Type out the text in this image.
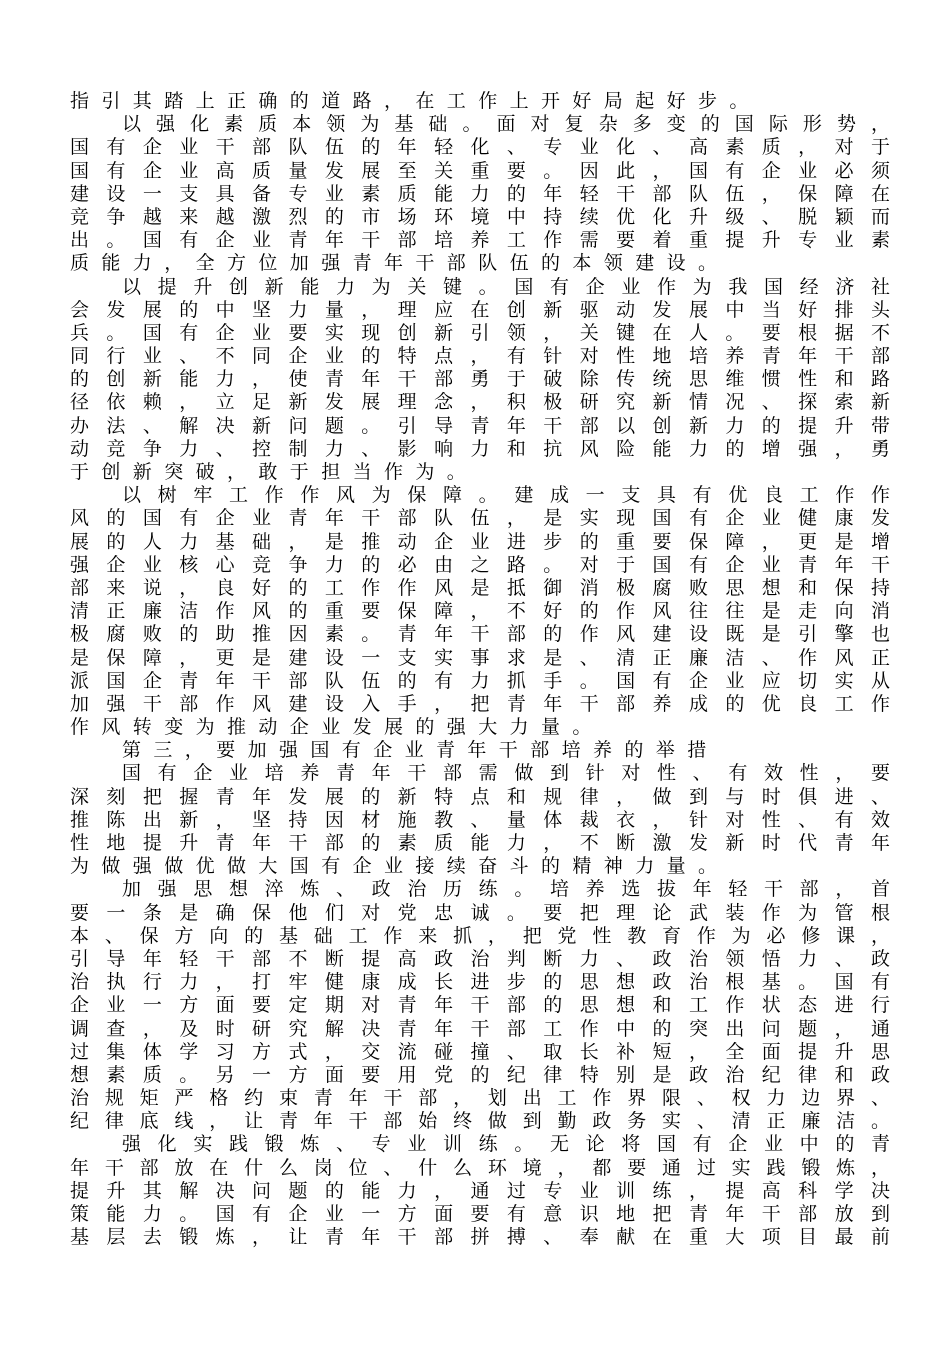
指引其踏上正确的道路，在工作上开好局起好步。
以强化素质本领为基础。面对复杂多变的国际形势，
国有企业干部队伍的年轻化、专业化、高素质，对于
国有企业高质量发展至关重要。因此，国有企业必须
建设一支具备专业素质能力的年轻干部队伍，保障在
竞争越来越激烈的市场环境中持续优化升级、脱颖而
出。国有企业青年干部培养工作需要着重提升专业素
质能力，全方位加强青年干部队伍的本领建设。
以提升创新能力为关键。国有企业作为我国经济社
会发展的中坚力量，理应在创新驱动发展中当好排头
兵。国有企业要实现创新引领，关键在人。要根据不
同行业、不同企业的特点，有针对性地培养青年干部
的创新能力，使青年干部勇于破除传统思维惯性和路
径依赖，立足新发展理念，积极研究新情况、探索新
办法、解决新问题。引导青年干部以创新力的提升带
动竞争力、控制力、影响力和抗风险能力的增强，勇
于创新突破，敢于担当作为。
以树牢工作作风为保障。建成一支具有优良工作作
风的国有企业青年干部队伍，是实现国有企业健康发
展的人力基础，是推动企业进步的重要保障，更是增
强企业核心竞争力的必由之路。对于国有企业青年干
部来说，良好的工作作风是抵御消极腐败思想和保持
清正廉洁作风的重要保障，不好的作风往往是走向消
极腐败的助推因素。青年干部的作风建设既是引擎也
是保障，更是建设一支实事求是、清正廉洁、作风正
派国企青年干部队伍的有力抓手。国有企业应切实从
加强干部作风建设入手，把青年干部养成的优良工作
作风转变为推动企业发展的强大力量。
第三，要加强国有企业青年干部培养的举措
国有企业培养青年干部需做到针对性、有效性，要
深刻把握青年发展的新特点和规律，做到与时俱进、
推陈出新，坚持因材施教、量体裁衣，针对性、有效
性地提升青年干部的素质能力，不断激发新时代青年
为做强做优做大国有企业接续奋斗的精神力量。
加强思想淬炼、政治历练。培养选拔年轻干部，首
要一条是确保他们对党忠诚。要把理论武装作为管根
本、保方向的基础工作来抓，把党性教育作为必修课，
引导年轻干部不断提高政治判断力、政治领悟力、政
治执行力，打牢健康成长进步的思想政治根基。国有
企业一方面要定期对青年干部的思想和工作状态进行
调查，及时研究解决青年干部工作中的突出问题，通
过集体学习方式，交流碰撞、取长补短，全面提升思
想素质。另一方面要用党的纪律特别是政治纪律和政
治规矩严格约束青年干部，划出工作界限、权力边界、
纪律底线，让青年干部始终做到勤政务实、清正廉洁。
强化实践锻炼、专业训练。无论将国有企业中的青
年干部放在什么岗位、什么环境，都要通过实践锻炼，
提升其解决问题的能力，通过专业训练，提高科学决
策能力。国有企业一方面要有意识地把青年干部放到
基层去锻炼，让青年干部拼搏、奉献在重大项目最前
